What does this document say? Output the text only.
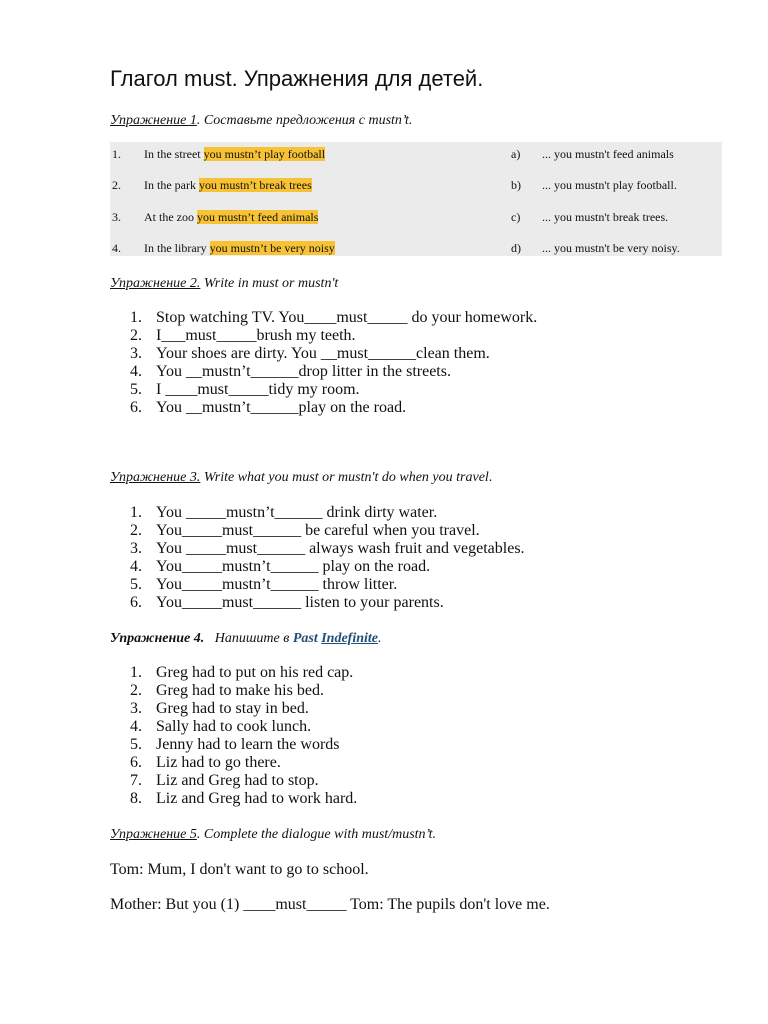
Глагол must. Упражнения для детей.
Упражнение 1. Составьте предложения с mustn’t.
1. In the street you mustn’t play football	a) ... you mustn't feed animals
2. In the park you mustn’t break trees	b) ... you mustn't play football.
3. At the zoo you mustn’t feed animals	c) ... you mustn't break trees.
4. In the library you mustn’t be very noisy	d) ... you mustn't be very noisy.
Упражнение 2. Write in must or mustn't
1. Stop watching TV. You____must_____ do your homework.
2. I___must_____brush my teeth.
3. Your shoes are dirty. You __must______clean them.
4. You __mustn’t______drop litter in the streets.
5. I ____must_____tidy my room.
6. You __mustn’t______play on the road.
Упражнение 3. Write what you must or mustn't do when you travel.
1. You _____mustn’t______ drink dirty water.
2. You_____must______ be careful when you travel.
3. You _____must______ always wash fruit and vegetables.
4. You_____mustn’t______ play on the road.
5. You_____mustn’t______ throw litter.
6. You_____must______ listen to your parents.
Упражнение 4.   Напишите в Past Indefinite.
1. Greg had to put on his red cap.
2. Greg had to make his bed.
3. Greg had to stay in bed.
4. Sally had to cook lunch.
5. Jenny had to learn the words
6. Liz had to go there.
7. Liz and Greg had to stop.
8. Liz and Greg had to work hard.
Упражнение 5. Complete the dialogue with must/mustn’t.

Tom: Mum, I don't want to go to school.

Mother: But you (1) ____must_____ Tom: The pupils don't love me.
